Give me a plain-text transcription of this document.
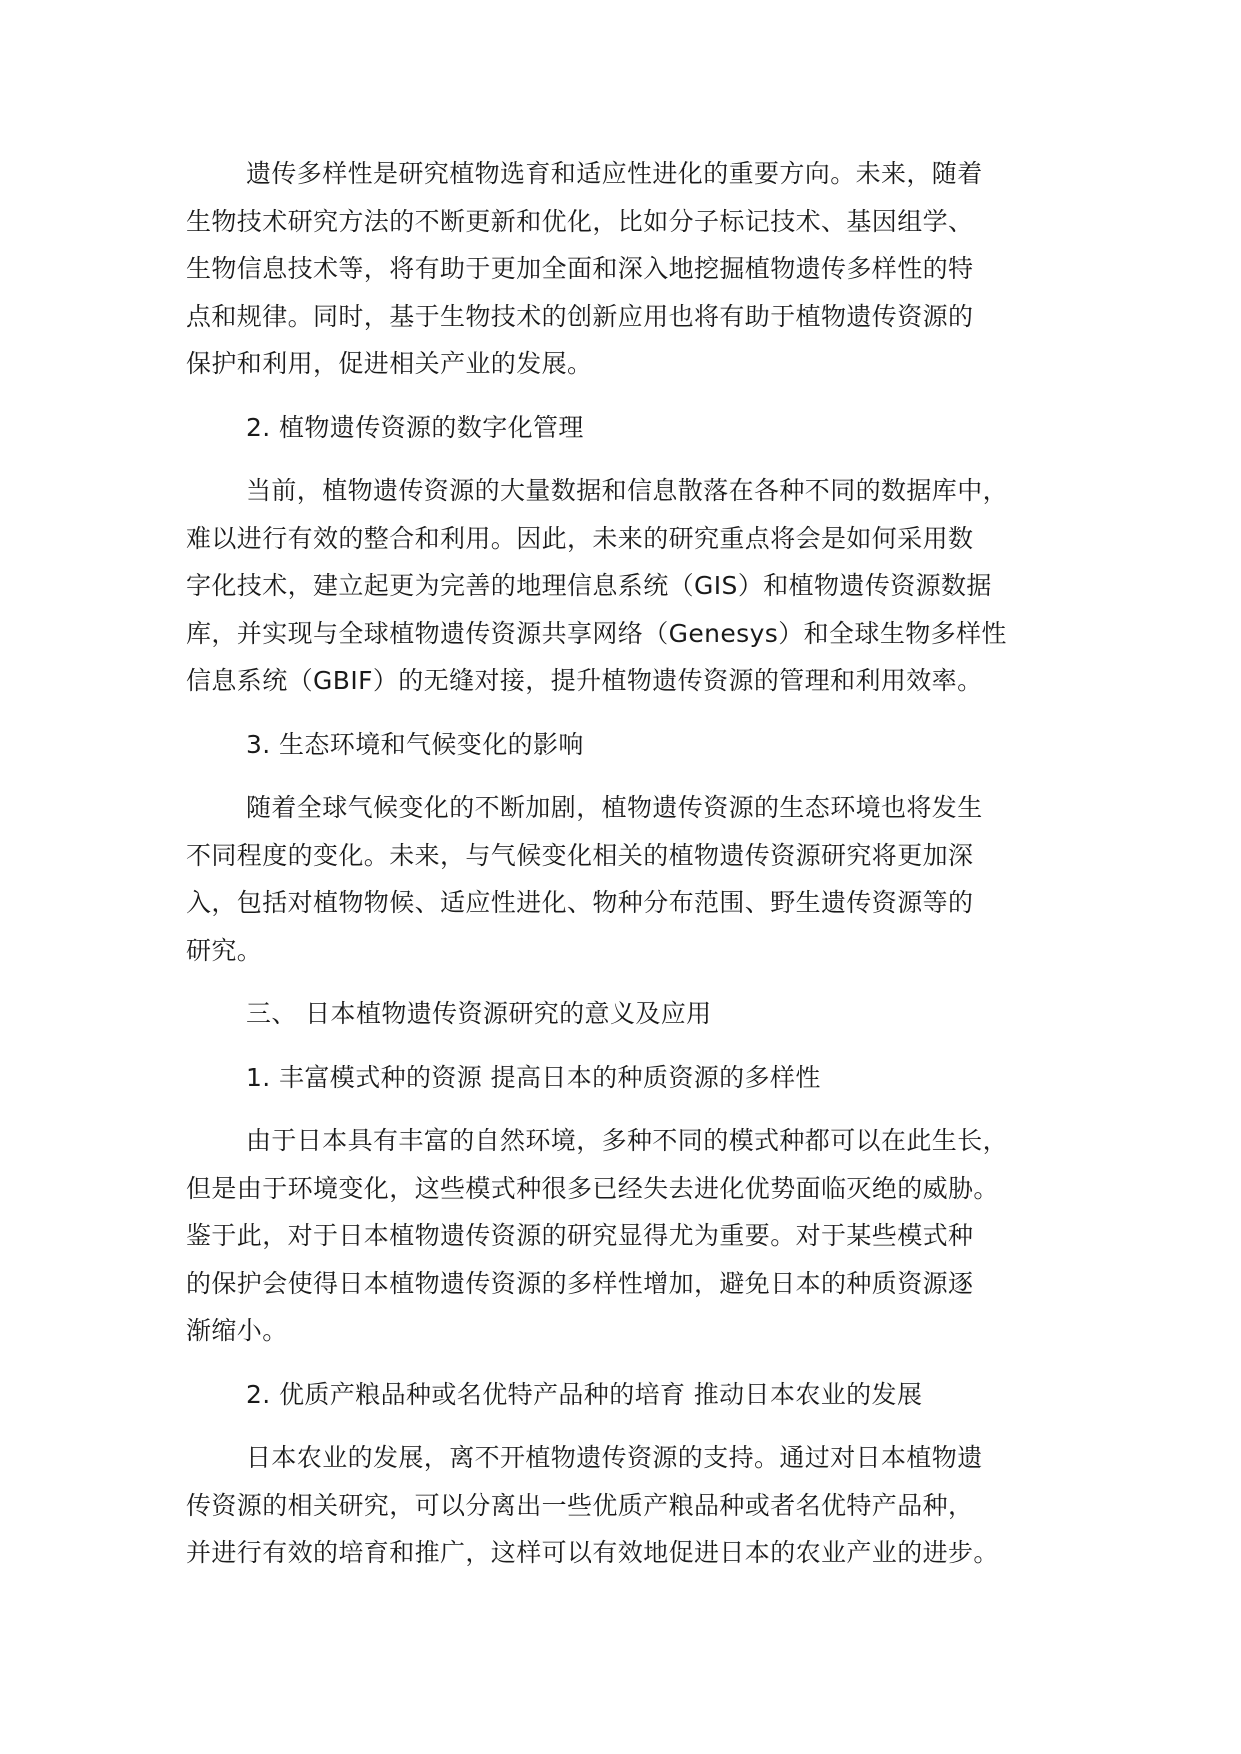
遗传多样性是研究植物选育和适应性进化的重要方向。未来，随着
生物技术研究方法的不断更新和优化，比如分子标记技术、基因组学、
生物信息技术等，将有助于更加全面和深入地挖掘植物遗传多样性的特
点和规律。同时，基于生物技术的创新应用也将有助于植物遗传资源的
保护和利用，促进相关产业的发展。

2. 植物遗传资源的数字化管理

当前，植物遗传资源的大量数据和信息散落在各种不同的数据库中，
难以进行有效的整合和利用。因此，未来的研究重点将会是如何采用数
字化技术，建立起更为完善的地理信息系统（GIS）和植物遗传资源数据
库，并实现与全球植物遗传资源共享网络（Genesys）和全球生物多样性
信息系统（GBIF）的无缝对接，提升植物遗传资源的管理和利用效率。

3. 生态环境和气候变化的影响

随着全球气候变化的不断加剧，植物遗传资源的生态环境也将发生
不同程度的变化。未来，与气候变化相关的植物遗传资源研究将更加深
入，包括对植物物候、适应性进化、物种分布范围、野生遗传资源等的
研究。

三、 日本植物遗传资源研究的意义及应用

1. 丰富模式种的资源 提高日本的种质资源的多样性

由于日本具有丰富的自然环境，多种不同的模式种都可以在此生长，
但是由于环境变化，这些模式种很多已经失去进化优势面临灭绝的威胁。
鉴于此，对于日本植物遗传资源的研究显得尤为重要。对于某些模式种
的保护会使得日本植物遗传资源的多样性增加，避免日本的种质资源逐
渐缩小。

2. 优质产粮品种或名优特产品种的培育 推动日本农业的发展

日本农业的发展，离不开植物遗传资源的支持。通过对日本植物遗
传资源的相关研究，可以分离出一些优质产粮品种或者名优特产品种，
并进行有效的培育和推广，这样可以有效地促进日本的农业产业的进步。
